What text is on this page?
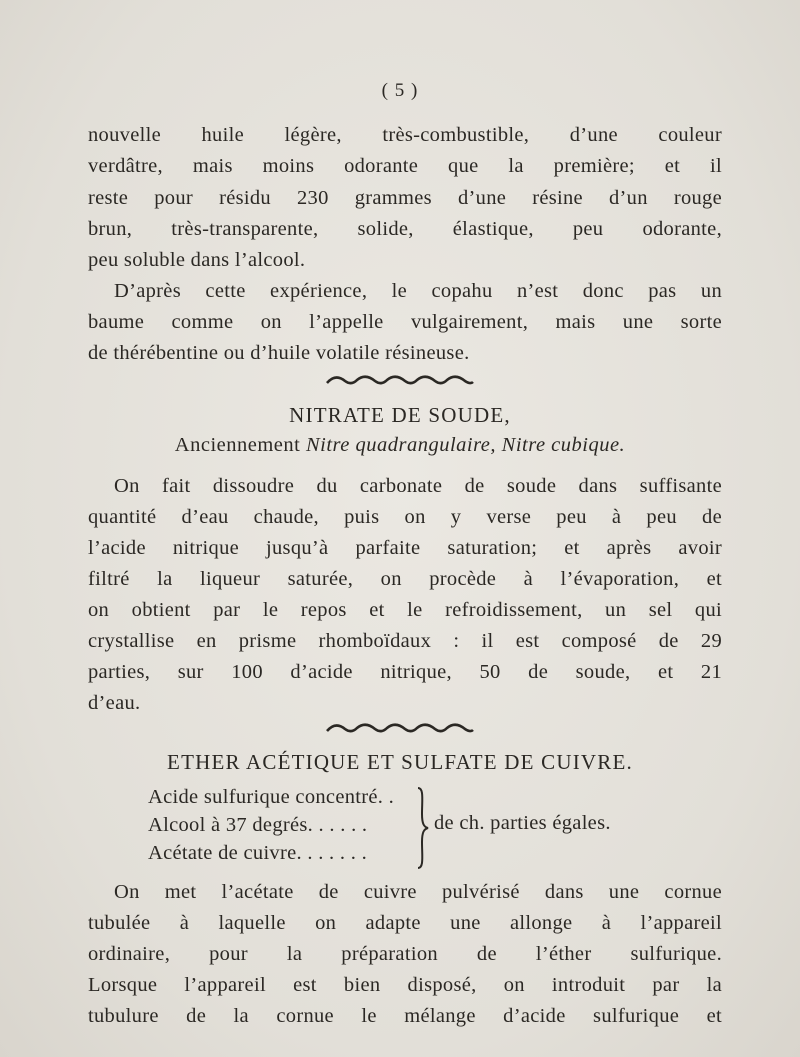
( 5 )
nouvelle huile légère, très-combustible, d’une couleur
verdâtre, mais moins odorante que la première; et il
reste pour résidu 230 grammes d’une résine d’un rouge
brun, très-transparente, solide, élastique, peu odorante,
peu soluble dans l’alcool.
D’après cette expérience, le copahu n’est donc pas un
baume comme on l’appelle vulgairement, mais une sorte
de thérébentine ou d’huile volatile résineuse.
NITRATE DE SOUDE,
Anciennement Nitre quadrangulaire, Nitre cubique.
On fait dissoudre du carbonate de soude dans suffisante
quantité d’eau chaude, puis on y verse peu à peu de
l’acide nitrique jusqu’à parfaite saturation; et après avoir
filtré la liqueur saturée, on procède à l’évaporation, et
on obtient par le repos et le refroidissement, un sel qui
crystallise en prisme rhomboïdaux : il est composé de 29
parties, sur 100 d’acide nitrique, 50 de soude, et 21
d’eau.
ETHER ACÉTIQUE ET SULFATE DE CUIVRE.
Acide sulfurique concentré. .
Alcool à 37 degrés. . . . . .
Acétate de cuivre. . . . . . .
de ch. parties égales.
On met l’acétate de cuivre pulvérisé dans une cornue
tubulée à laquelle on adapte une allonge à l’appareil
ordinaire, pour la préparation de l’éther sulfurique.
Lorsque l’appareil est bien disposé, on introduit par la
tubulure de la cornue le mélange d’acide sulfurique et
